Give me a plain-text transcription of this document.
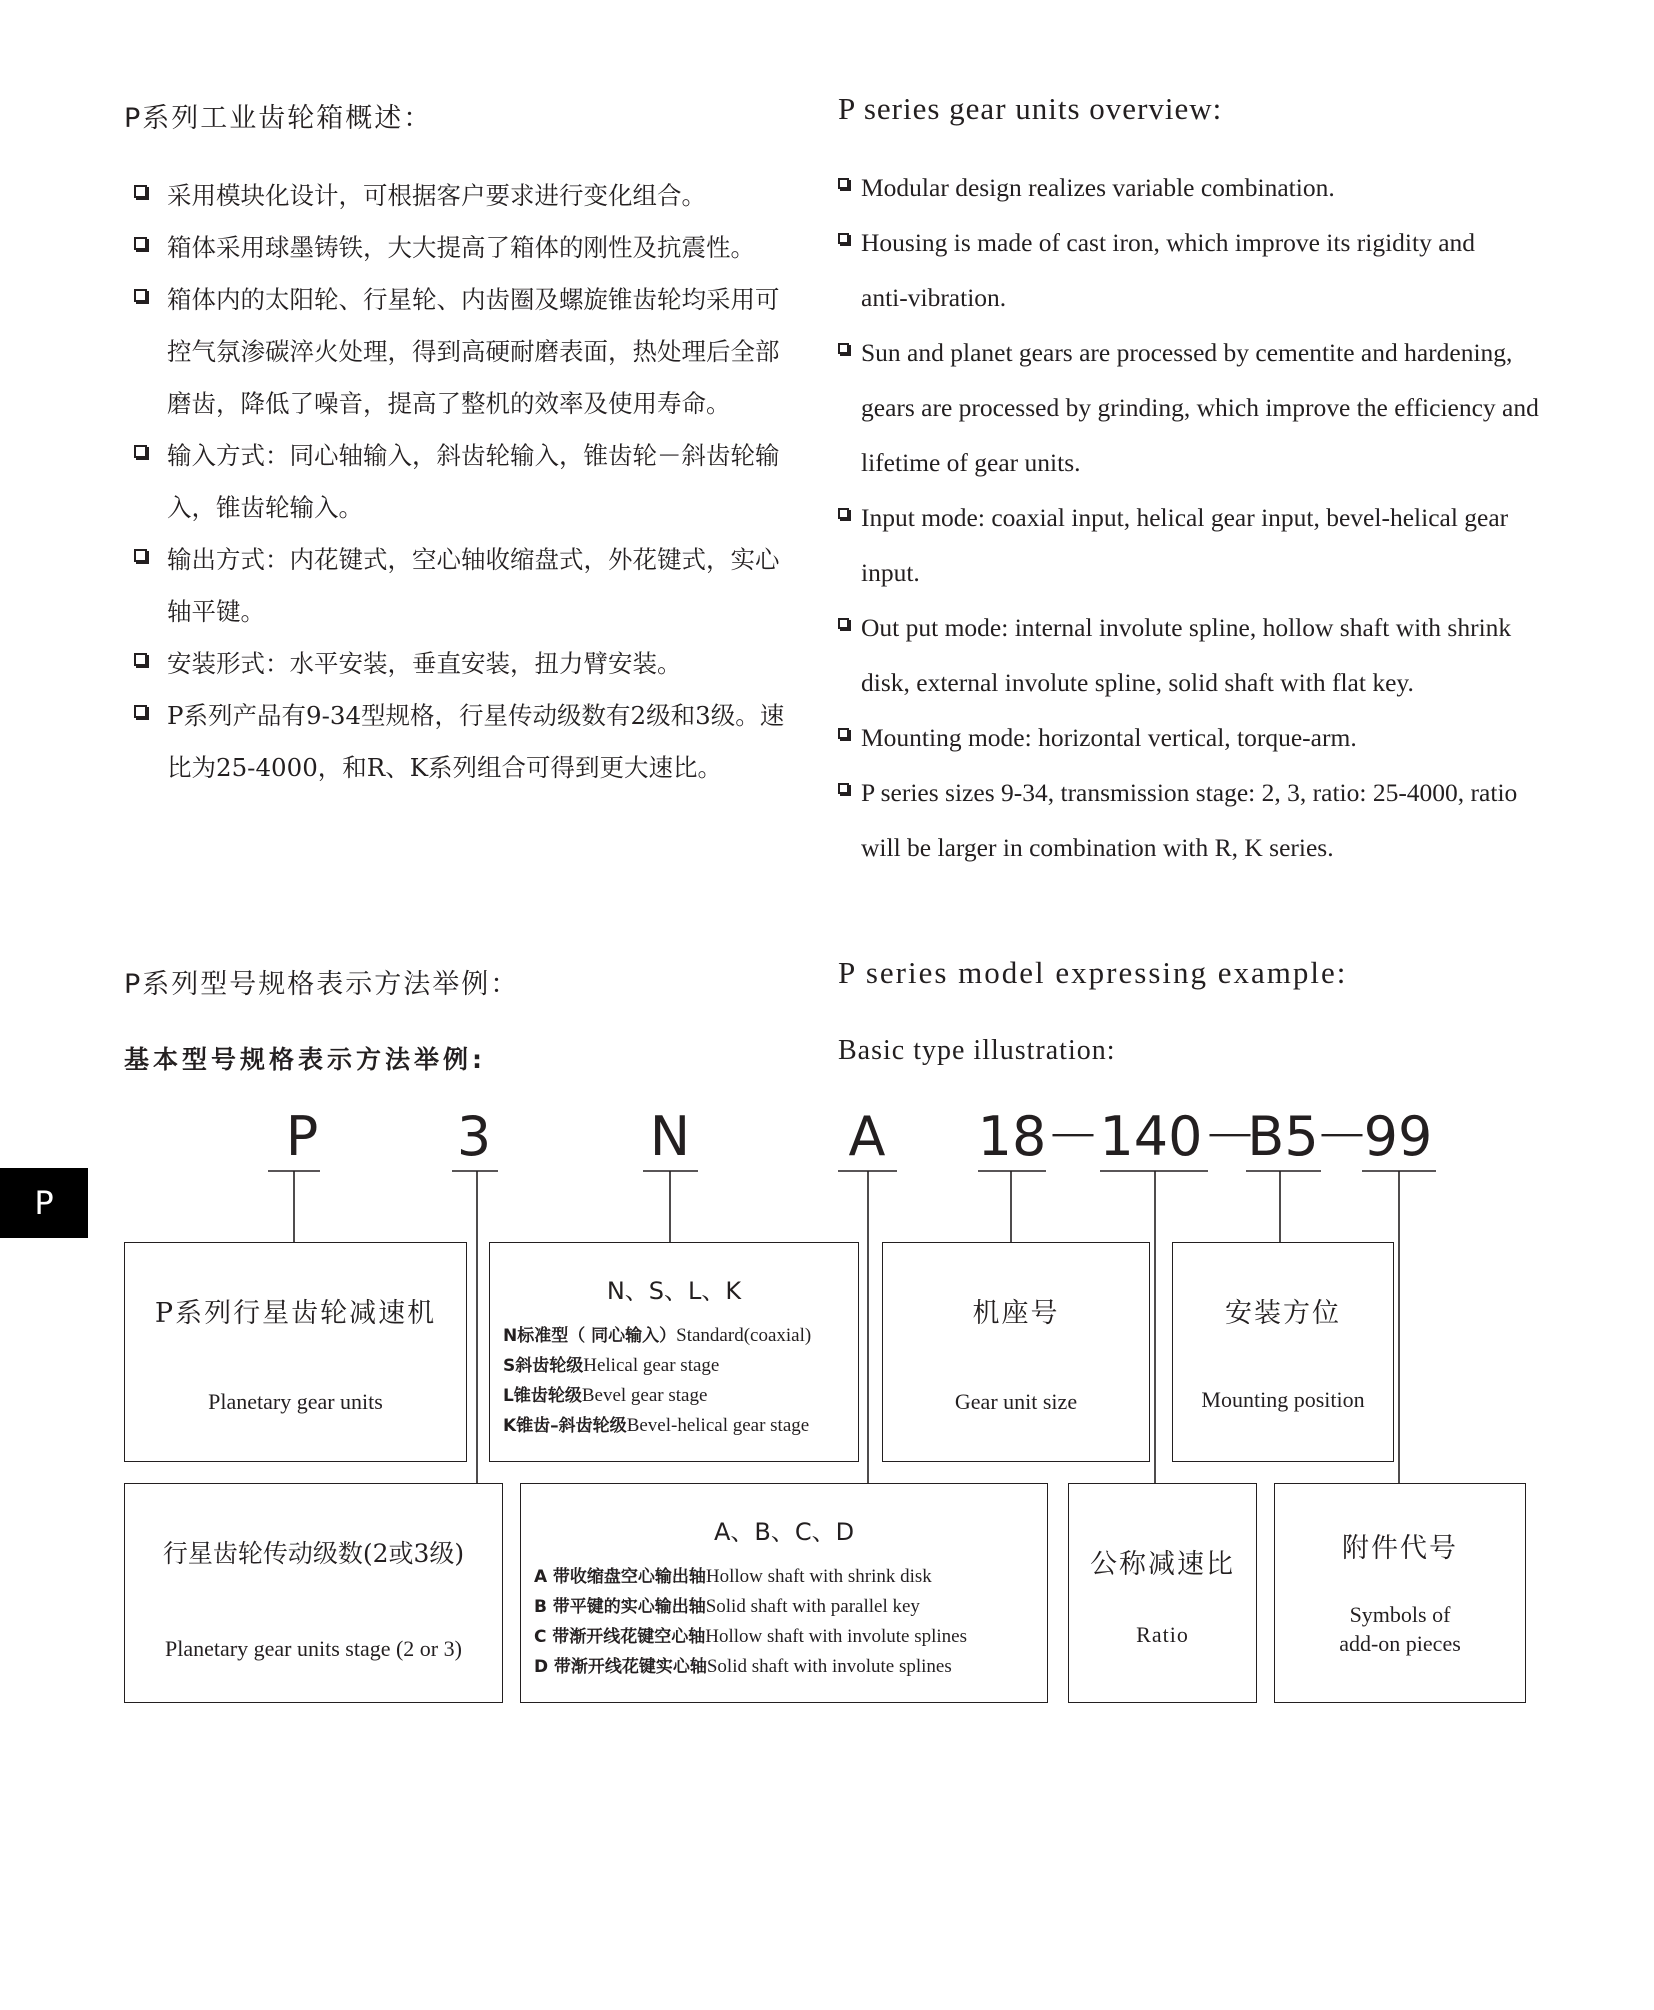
P系列工业齿轮箱概述：	P series gear units overview:
采用模块化设计，可根据客户要求进行变化组合。
箱体采用球墨铸铁，大大提高了箱体的刚性及抗震性。
箱体内的太阳轮、行星轮、内齿圈及螺旋锥齿轮均采用可控气氛渗碳淬火处理，得到高硬耐磨表面，热处理后全部磨齿，降低了噪音，提高了整机的效率及使用寿命。
输入方式：同心轴输入，斜齿轮输入，锥齿轮－斜齿轮输入，锥齿轮输入。
输出方式：内花键式，空心轴收缩盘式，外花键式，实心轴平键。
安装形式：水平安装，垂直安装，扭力臂安装。
P系列产品有9-34型规格，行星传动级数有2级和3级。速比为25-4000，和R、K系列组合可得到更大速比。
Modular design realizes variable combination.
Housing is made of cast iron, which improve its rigidity and anti-vibration.
Sun and planet gears are processed by cementite and hardening, gears are processed by grinding, which improve the efficiency and lifetime of gear units.
Input mode: coaxial input, helical gear input, bevel-helical gear input.
Out put mode: internal involute spline, hollow shaft with shrink disk, external involute spline, solid shaft with flat key.
Mounting mode: horizontal vertical, torque-arm.
P series sizes 9-34, transmission stage: 2, 3, ratio: 25-4000, ratio will be larger in combination with R, K series.
P系列型号规格表示方法举例：	P series model expressing example:
基本型号规格表示方法举例:	Basic type illustration:
P
P	3	N	A 18 － 140 －
B5
－
99
P系列行星齿轮减速机
Planetary gear units
N、S、L、K
N标准型（ 同心输入）Standard(coaxial)
S斜齿轮级Helical gear stage
L锥齿轮级Bevel gear stage
K锥齿–斜齿轮级Bevel-helical gear stage
机座号
Gear unit size
安装方位
Mounting position
行星齿轮传动级数(2或3级)
Planetary gear units stage (2 or 3)
A、B、C、D
A 带收缩盘空心输出轴Hollow shaft with shrink disk
B 带平键的实心输出轴Solid shaft with parallel key
C 带渐开线花键空心轴Hollow shaft with involute splines
D 带渐开线花键实心轴Solid shaft with involute splines
公称减速比
Ratio
附件代号
Symbols of
add-on pieces
